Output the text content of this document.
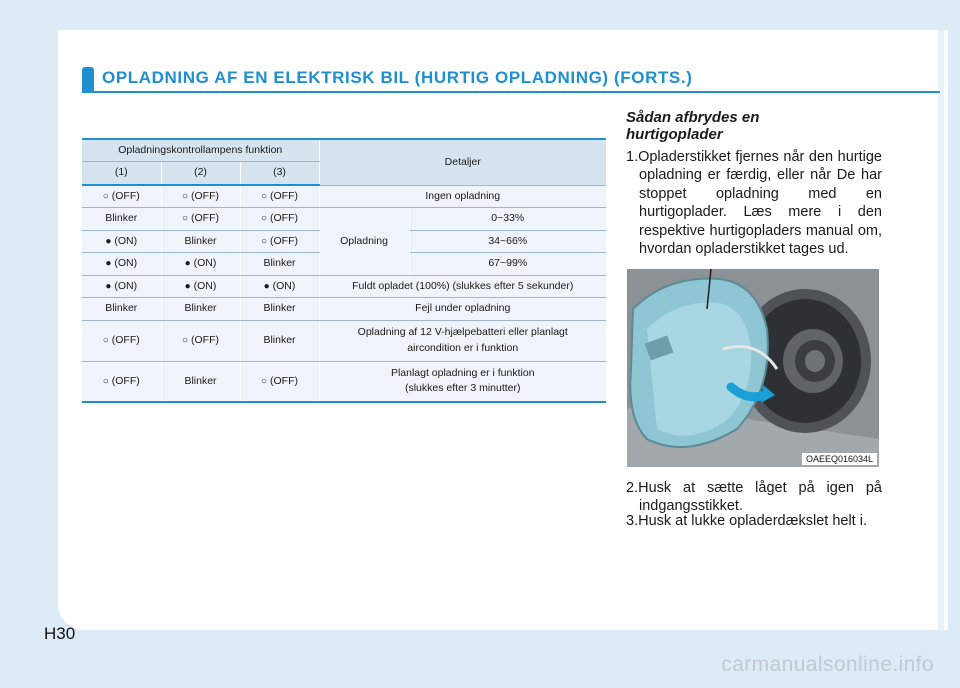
OPLADNING AF EN ELEKTRISK BIL (HURTIG OPLADNING) (FORTS.)
Opladningskontrollampens funktion			Detaljer	
(1)	(2)	(3)		
○ (OFF)	○ (OFF)	○ (OFF)	Ingen opladning	
Blinker	○ (OFF)	○ (OFF)	Opladning	0~33%
● (ON)	Blinker	○ (OFF)		34~66%
● (ON)	● (ON)	Blinker		67~99%
● (ON)	● (ON)	● (ON)	Fuldt opladet (100%) (slukkes efter 5 sekunder)	
Blinker	Blinker	Blinker	Fejl under opladning	
○ (OFF)	○ (OFF)	Blinker	Opladning af 12 V-hjælpebatteri eller planlagt
aircondition er i funktion	
○ (OFF)	Blinker	○ (OFF)	Planlagt opladning er i funktion
(slukkes efter 3 minutter)	
Sådan afbrydes en
hurtigoplader
1.Opladerstikket fjernes når den hurtige opladning er færdig, eller når De har stoppet opladning med en hurtigoplader. Læs mere i den respektive hurtigopladers manual om, hvordan opladerstikket tages ud.
OAEEQ016034L
2.Husk at sætte låget på igen på indgangsstikket.
3.Husk at lukke opladerdækslet helt i.
H30
carmanualsonline.info
